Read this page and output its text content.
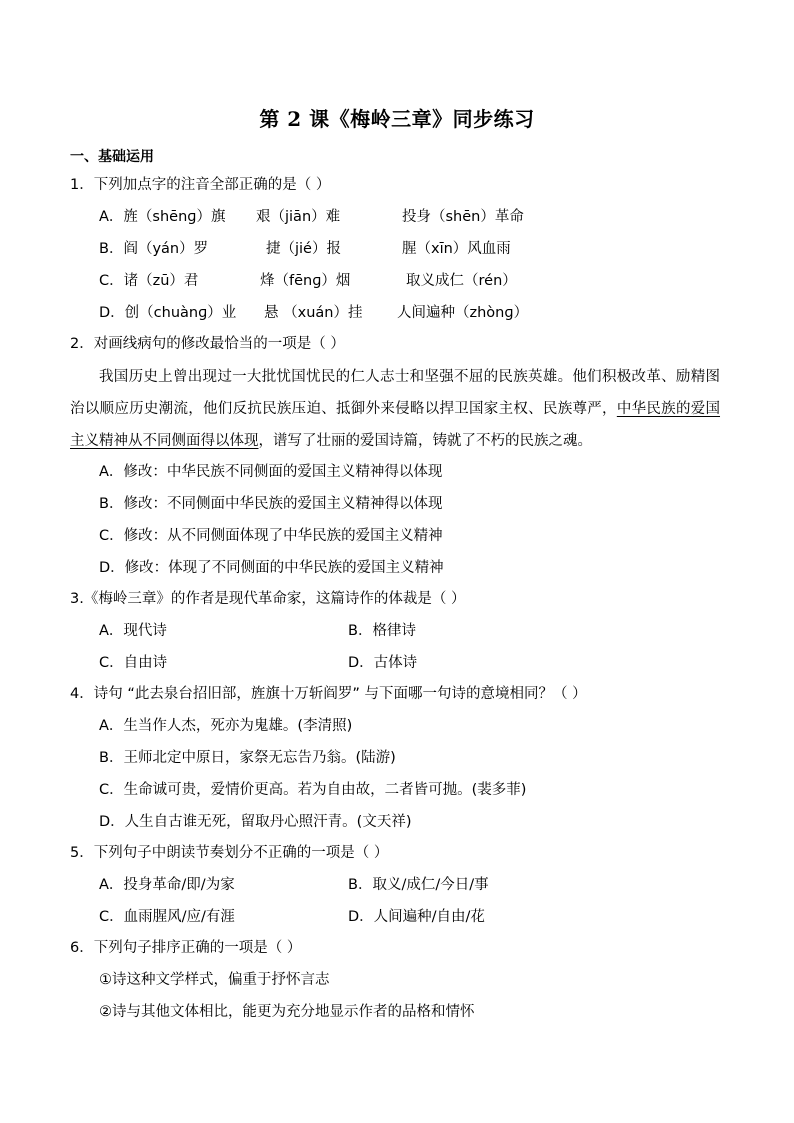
第 2 课《梅岭三章》同步练习
一、基础运用
1．下列加点字的注音全部正确的是（ ）
A．旌（shēnɡ）旗 艰（jiān）难	投身（shēn）革命
B．阎（yán）罗	捷（jié）报	腥（xīn）风血雨
C．诸（zū）君	烽（fēnɡ）烟	取义成仁（rén）
D．创（chuànɡ）业 悬 （xuán）挂 人间遍种（zhònɡ）
2．对画线病句的修改最恰当的一项是（ ）
我国历史上曾出现过一大批忧国忧民的仁人志士和坚强不屈的民族英雄。他们积极改革、励精图治以顺应历史潮流，他们反抗民族压迫、抵御外来侵略以捍卫国家主权、民族尊严，中华民族的爱国主义精神从不同侧面得以体现，谱写了壮丽的爱国诗篇，铸就了不朽的民族之魂。
A．修改：中华民族不同侧面的爱国主义精神得以体现
B．修改：不同侧面中华民族的爱国主义精神得以体现
C．修改：从不同侧面体现了中华民族的爱国主义精神
D．修改：体现了不同侧面的中华民族的爱国主义精神
3.《梅岭三章》的作者是现代革命家，这篇诗作的体裁是（ ）
A．现代诗	B．格律诗
C．自由诗	D．古体诗
4．诗句 “此去泉台招旧部，旌旗十万斩阎罗” 与下面哪一句诗的意境相同？（ ）
A．生当作人杰，死亦为鬼雄。(李清照)
B．王师北定中原日，家祭无忘告乃翁。(陆游)
C．生命诚可贵，爱情价更高。若为自由故，二者皆可抛。(裴多菲)
D．人生自古谁无死，留取丹心照汗青。(文天祥)
5．下列句子中朗读节奏划分不正确的一项是（ ）
A．投身革命/即/为家	B．取义/成仁/今日/事
C．血雨腥风/应/有涯	D．人间遍种/自由/花
6．下列句子排序正确的一项是（ ）
①诗这种文学样式，偏重于抒怀言志
②诗与其他文体相比，能更为充分地显示作者的品格和情怀
